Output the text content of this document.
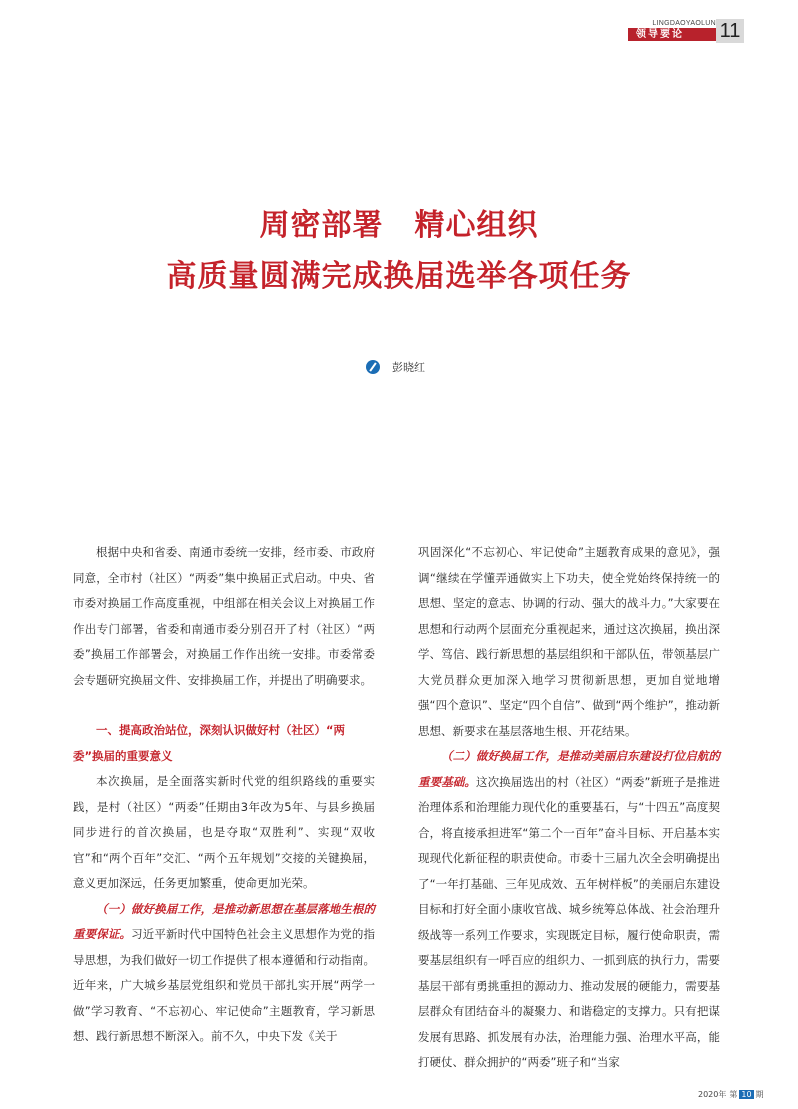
LINGDAOYAOLUN
领导要论	11
周密部署　精心组织
高质量圆满完成换届选举各项任务
彭晓红

根据中央和省委、南通市委统一安排，经市委、市政府同意，全市村（社区）“两委”集中换届正式启动。中央、省市委对换届工作高度重视，中组部在相关会议上对换届工作作出专门部署，省委和南通市委分别召开了村（社区）“两委”换届工作部署会，对换届工作作出统一安排。市委常委会专题研究换届文件、安排换届工作，并提出了明确要求。

一、提高政治站位，深刻认识做好村（社区）“两委”换届的重要意义

本次换届，是全面落实新时代党的组织路线的重要实践，是村（社区）“两委”任期由3年改为5年、与县乡换届同步进行的首次换届，也是夺取“双胜利”、实现“双收官”和“两个百年”交汇、“两个五年规划”交接的关键换届，意义更加深远，任务更加繁重，使命更加光荣。

（一）做好换届工作，是推动新思想在基层落地生根的重要保证。习近平新时代中国特色社会主义思想作为党的指导思想，为我们做好一切工作提供了根本遵循和行动指南。近年来，广大城乡基层党组织和党员干部扎实开展“两学一做”学习教育、“不忘初心、牢记使命”主题教育，学习新思想、践行新思想不断深入。前不久，中央下发《关于

巩固深化“不忘初心、牢记使命”主题教育成果的意见》，强调“继续在学懂弄通做实上下功夫，使全党始终保持统一的思想、坚定的意志、协调的行动、强大的战斗力。”大家要在思想和行动两个层面充分重视起来，通过这次换届，换出深学、笃信、践行新思想的基层组织和干部队伍，带领基层广大党员群众更加深入地学习贯彻新思想，更加自觉地增强“四个意识”、坚定“四个自信”、做到“两个维护”，推动新思想、新要求在基层落地生根、开花结果。

（二）做好换届工作，是推动美丽启东建设打位启航的重要基础。这次换届选出的村（社区）“两委”新班子是推进治理体系和治理能力现代化的重要基石，与“十四五”高度契合，将直接承担进军“第二个一百年”奋斗目标、开启基本实现现代化新征程的职责使命。市委十三届九次全会明确提出了“一年打基础、三年见成效、五年树样板”的美丽启东建设目标和打好全面小康收官战、城乡统筹总体战、社会治理升级战等一系列工作要求，实现既定目标，履行使命职责，需要基层组织有一呼百应的组织力、一抓到底的执行力，需要基层干部有勇挑重担的源动力、推动发展的硬能力，需要基层群众有团结奋斗的凝聚力、和谐稳定的支撑力。只有把谋发展有思路、抓发展有办法，治理能力强、治理水平高，能打硬仗、群众拥护的“两委”班子和“当家

2020年 第 10 期
